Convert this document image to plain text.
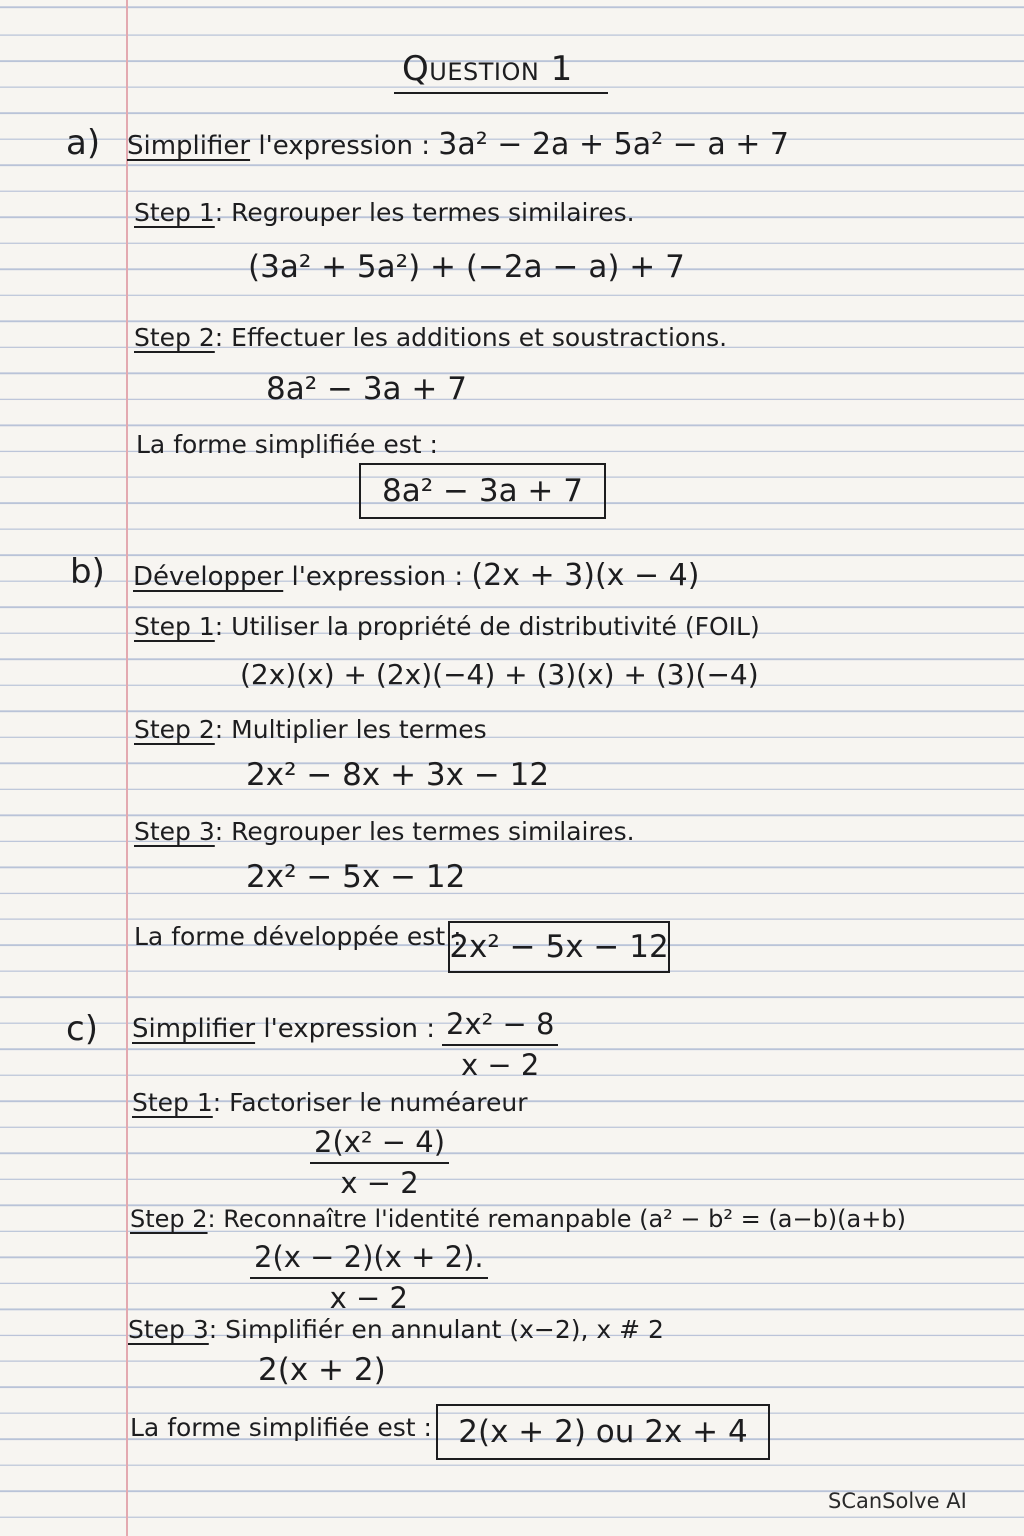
Question 1
a) Simplifier l'expression : 3a² − 2a + 5a² − a + 7
Step 1: Regrouper les termes similaires.
(3a² + 5a²) + (−2a − a) + 7
Step 2: Effectuer les additions et soustractions.
8a² − 3a + 7
La forme simplifiée est :
8a² − 3a + 7
b) Développer l'expression : (2x + 3)(x − 4)
Step 1: Utiliser la propriété de distributivité (FOIL)
(2x)(x) + (2x)(−4) + (3)(x) + (3)(−4)
Step 2: Multiplier les termes
2x² − 8x + 3x − 12
Step 3: Regrouper les termes similaires.
2x² − 5x − 12
La forme développée est :
2x² − 5x − 12
c) Simplifier l'expression : $\frac{\text{2x² − 8}}{x - 2}$
Step 1: Factoriser le numéareur
$\frac{\text{2(x² − 4)}}{x - 2}$
Step 2: Reconnaître l'identité remanpable (a² − b² = (a−b)(a+b)
$\frac{2(x - 2)(x + 2).}{x - 2}$
Step 3: Simplifiér en annulant (x−2), x # 2
2(x + 2)
La forme simplifiée est : 2(x + 2) ou 2x + 4
SCanSolve AI
